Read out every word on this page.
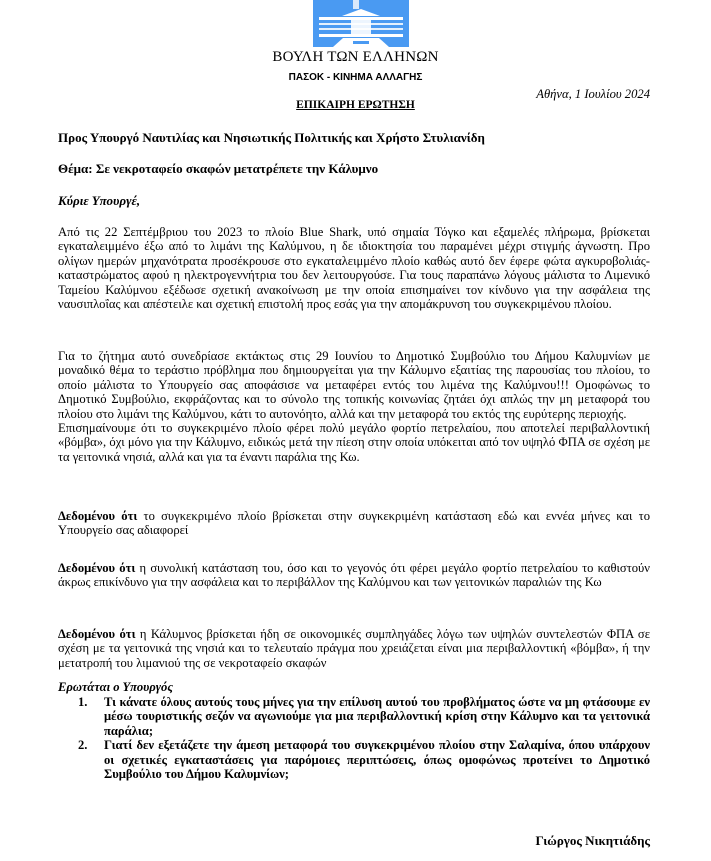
ΒΟΥΛΗ ΤΩΝ ΕΛΛΗΝΩΝ
ΠΑΣΟΚ - ΚΙΝΗΜΑ ΑΛΛΑΓΗΣ
Αθήνα, 1 Ιουλίου 2024
ΕΠΙΚΑΙΡΗ ΕΡΩΤΗΣΗ
Προς Υπουργό Ναυτιλίας και Νησιωτικής Πολιτικής και Χρήστο Στυλιανίδη
Θέμα: Σε νεκροταφείο σκαφών μετατρέπετε την Κάλυμνο
Κύριε Υπουργέ,
Από τις 22 Σεπτέμβριου του 2023 το πλοίο Blue Shark, υπό σημαία Τόγκο και εξαμελές πλήρωμα, βρίσκεται εγκαταλειμμένο έξω από το λιμάνι της Καλύμνου, η δε ιδιοκτησία του παραμένει μέχρι στιγμής άγνωστη. Προ ολίγων ημερών μηχανότρατα προσέκρουσε στο εγκαταλειμμένο πλοίο καθώς αυτό δεν έφερε φώτα αγκυροβολιάς- καταστρώματος αφού η ηλεκτρογεννήτρια του δεν λειτουργούσε. Για τους παραπάνω λόγους μάλιστα το Λιμενικό Ταμείου Καλύμνου εξέδωσε σχετική ανακοίνωση με την οποία επισημαίνει τον κίνδυνο για την ασφάλεια της ναυσιπλοΐας και απέστειλε και σχετική επιστολή προς εσάς για την απομάκρυνση του συγκεκριμένου πλοίου.
Για το ζήτημα αυτό συνεδρίασε εκτάκτως στις 29 Ιουνίου το Δημοτικό Συμβούλιο του Δήμου Καλυμνίων με μοναδικό θέμα το τεράστιο πρόβλημα που δημιουργείται για την Κάλυμνο εξαιτίας της παρουσίας του πλοίου, το οποίο μάλιστα το Υπουργείο σας αποφάσισε να μεταφέρει εντός του λιμένα της Καλύμνου!!! Ομοφώνως το Δημοτικό Συμβούλιο, εκφράζοντας και το σύνολο της τοπικής κοινωνίας ζητάει όχι απλώς την μη μεταφορά του πλοίου στο λιμάνι της Καλύμνου, κάτι το αυτονόητο, αλλά και την μεταφορά του εκτός της ευρύτερης περιοχής.
Επισημαίνουμε ότι το συγκεκριμένο πλοίο φέρει πολύ μεγάλο φορτίο πετρελαίου, που αποτελεί περιβαλλοντική «βόμβα», όχι μόνο για την Κάλυμνο, ειδικώς μετά την πίεση στην οποία υπόκειται από τον υψηλό ΦΠΑ σε σχέση με τα γειτονικά νησιά, αλλά και για τα έναντι παράλια της Κω.
Δεδομένου ότι το συγκεκριμένο πλοίο βρίσκεται στην συγκεκριμένη κατάσταση εδώ και εννέα μήνες και το Υπουργείο σας αδιαφορεί
Δεδομένου ότι η συνολική κατάσταση του, όσο και το γεγονός ότι φέρει μεγάλο φορτίο πετρελαίου το καθιστούν άκρως επικίνδυνο για την ασφάλεια και το περιβάλλον της Καλύμνου και των γειτονικών παραλιών της Κω
Δεδομένου ότι η Κάλυμνος βρίσκεται ήδη σε οικονομικές συμπληγάδες λόγω των υψηλών συντελεστών ΦΠΑ σε σχέση με τα γειτονικά της νησιά και το τελευταίο πράγμα που χρειάζεται είναι μια περιβαλλοντική «βόμβα», ή την μετατροπή του λιμανιού της σε νεκροταφείο σκαφών
Ερωτάται ο Υπουργός
1. Τι κάνατε όλους αυτούς τους μήνες για την επίλυση αυτού του προβλήματος ώστε να μη φτάσουμε εν μέσω τουριστικής σεζόν να αγωνιούμε για μια περιβαλλοντική κρίση στην Κάλυμνο και τα γειτονικά παράλια;
2. Γιατί δεν εξετάζετε την άμεση μεταφορά του συγκεκριμένου πλοίου στην Σαλαμίνα, όπου υπάρχουν οι σχετικές εγκαταστάσεις για παρόμοιες περιπτώσεις, όπως ομοφώνως προτείνει το Δημοτικό Συμβούλιο του Δήμου Καλυμνίων;
Γιώργος Νικητιάδης
